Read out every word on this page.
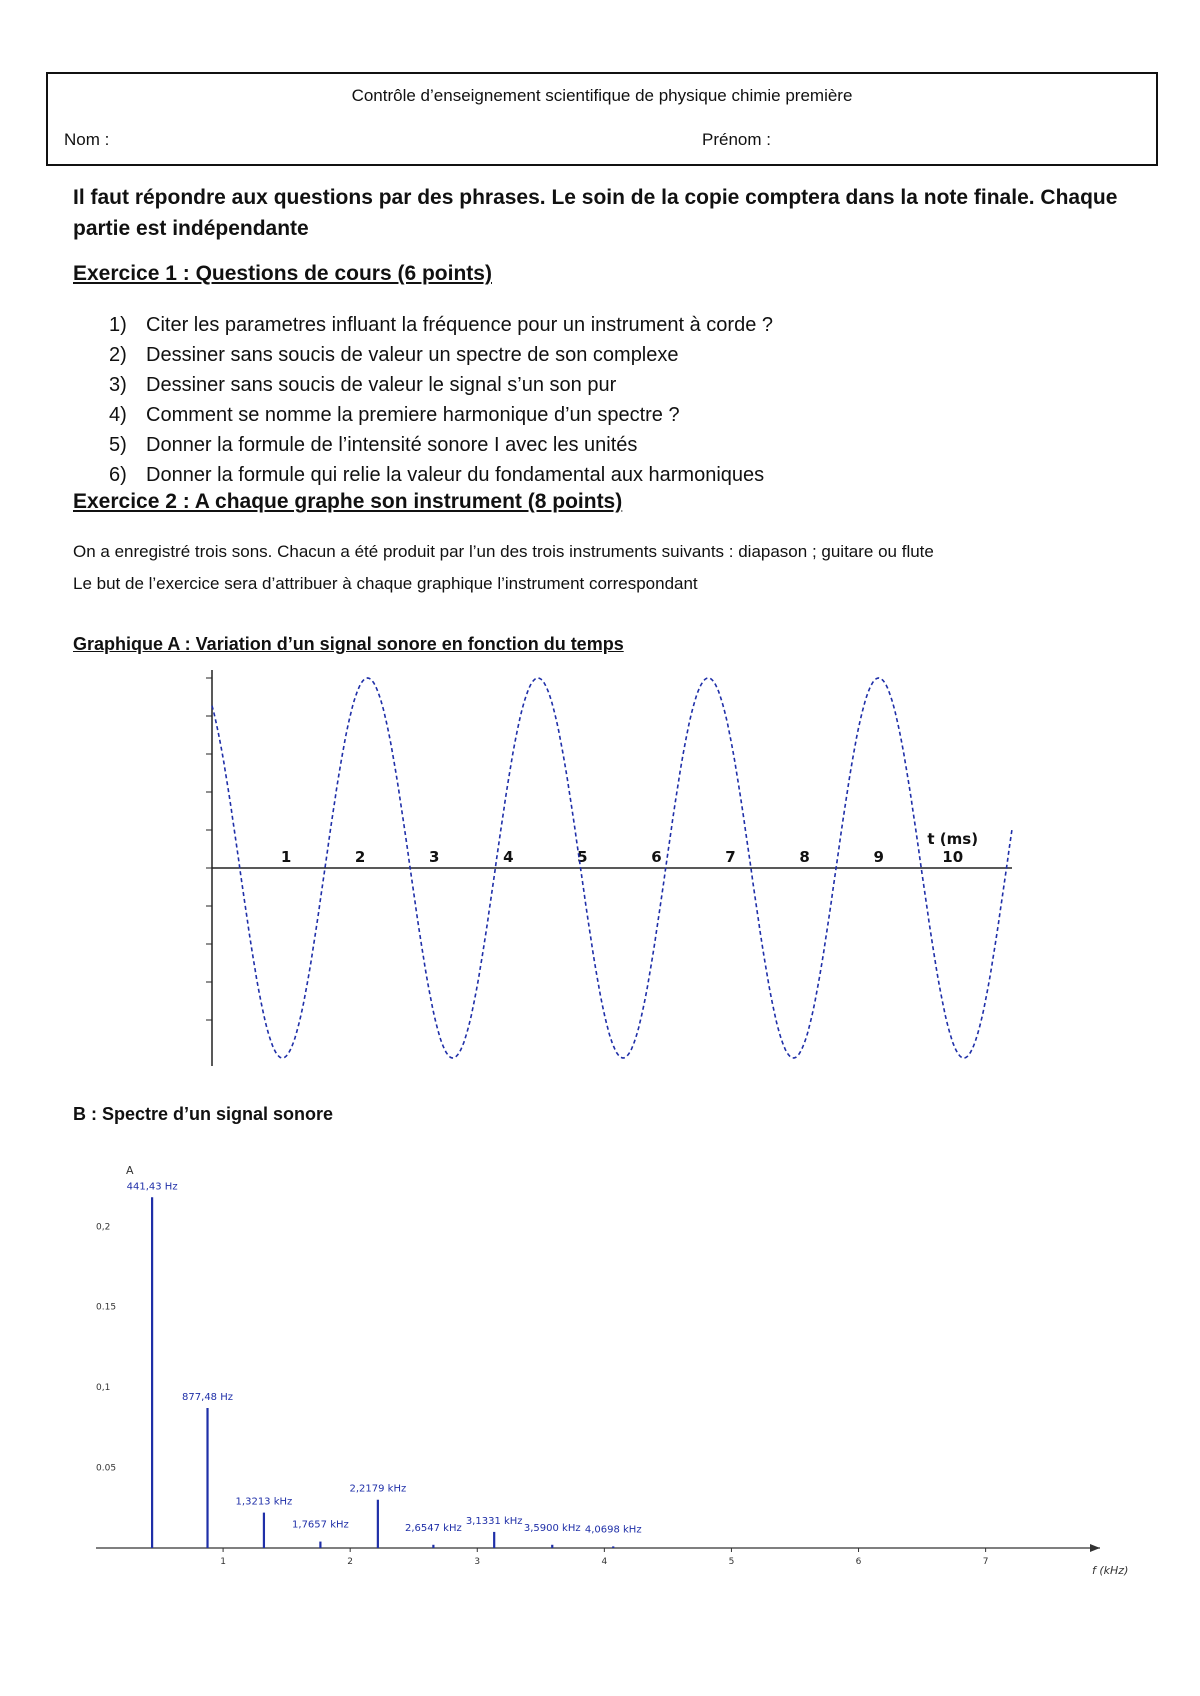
Contrôle d’enseignement scientifique de physique chimie première
Nom :	Prénom :
Il faut répondre aux questions par des phrases. Le soin de la copie comptera dans la note finale. Chaque partie est indépendante
Exercice 1 : Questions de cours (6 points)
1) Citer les parametres influant la fréquence pour un instrument à corde ?
2) Dessiner sans soucis de valeur un spectre de son complexe
3) Dessiner sans soucis de valeur le signal s’un son pur
4) Comment se nomme la premiere harmonique d’un spectre ?
5) Donner la formule de l’intensité sonore I avec les unités
6) Donner la formule qui relie la valeur du fondamental aux harmoniques
Exercice 2 : A chaque graphe son instrument (8 points)
On a enregistré trois sons. Chacun a été produit par l’un des trois instruments suivants : diapason ; guitare ou flute
Le but de l’exercice sera d’attribuer à chaque graphique l’instrument correspondant
Graphique A : Variation d’un signal sonore en fonction du temps
1	2	3	4	5	6	7	8	9	10
t (ms)
B : Spectre d’un signal sonore
A
f (kHz)
1	2	3	4	5	6	7
0.05
0,1
0.15
0,2
441,43 Hz
877,48 Hz
1,3213 kHz
1,7657 kHz
2,2179 kHz
2,6547 kHz
3,1331 kHz
3,5900 kHz 4,0698 kHz
